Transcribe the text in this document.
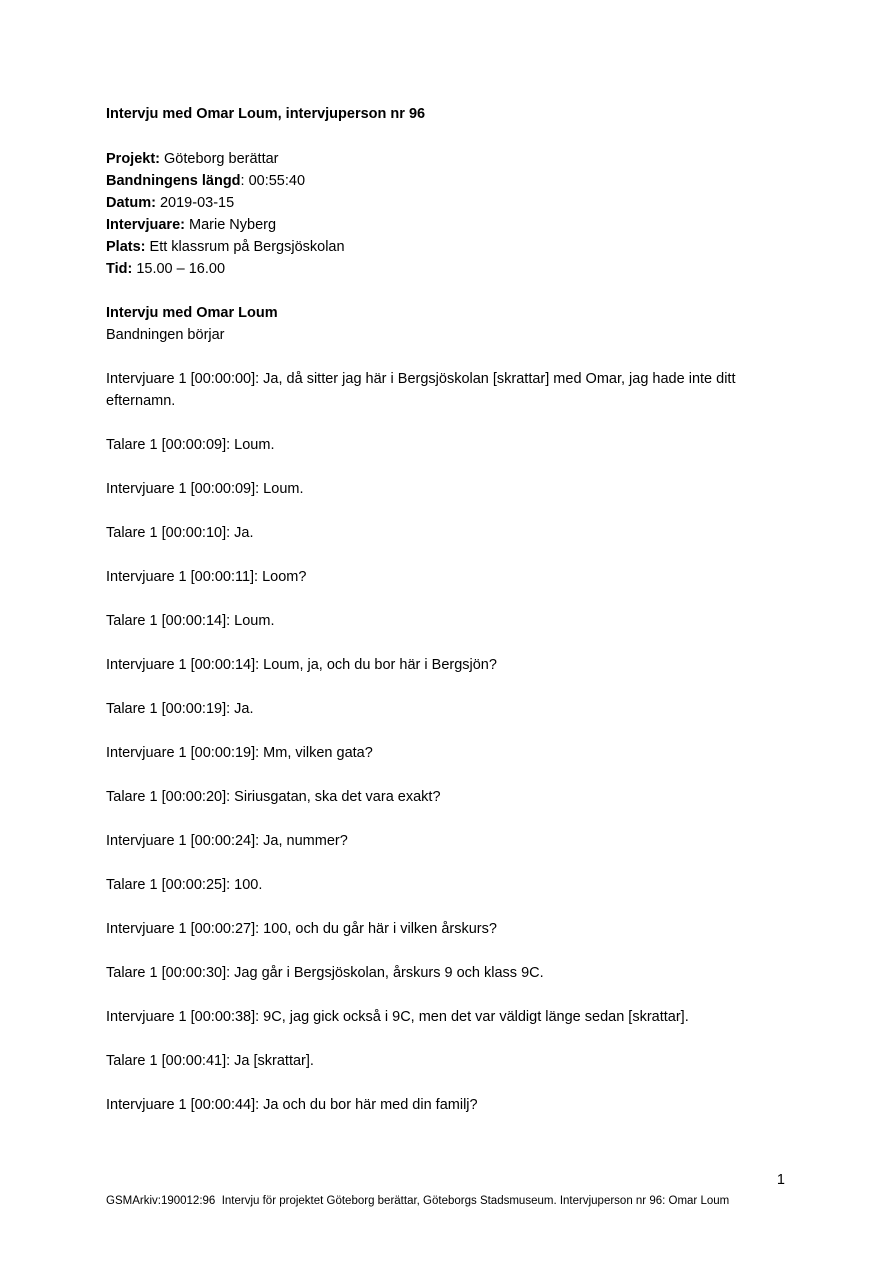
Intervju med Omar Loum, intervjuperson nr 96

Projekt: Göteborg berättar

Bandningens längd: 00:55:40

Datum: 2019-03-15

Intervjuare: Marie Nyberg

Plats: Ett klassrum på Bergsjöskolan

Tid: 15.00 – 16.00

Intervju med Omar Loum

Bandningen börjar

Intervjuare 1 [00:00:00]: Ja, då sitter jag här i Bergsjöskolan [skrattar] med Omar, jag hade inte ditt efternamn.

Talare 1 [00:00:09]: Loum.

Intervjuare 1 [00:00:09]: Loum.

Talare 1 [00:00:10]: Ja.

Intervjuare 1 [00:00:11]: Loom?

Talare 1 [00:00:14]: Loum.

Intervjuare 1 [00:00:14]: Loum, ja, och du bor här i Bergsjön?

Talare 1 [00:00:19]: Ja.

Intervjuare 1 [00:00:19]: Mm, vilken gata?

Talare 1 [00:00:20]: Siriusgatan, ska det vara exakt?

Intervjuare 1 [00:00:24]: Ja, nummer?

Talare 1 [00:00:25]: 100.

Intervjuare 1 [00:00:27]: 100, och du går här i vilken årskurs?

Talare 1 [00:00:30]: Jag går i Bergsjöskolan, årskurs 9 och klass 9C.

Intervjuare 1 [00:00:38]: 9C, jag gick också i 9C, men det var väldigt länge sedan [skrattar].

Talare 1 [00:00:41]: Ja [skrattar].

Intervjuare 1 [00:00:44]: Ja och du bor här med din familj?

1
GSMArkiv:190012:96  Intervju för projektet Göteborg berättar, Göteborgs Stadsmuseum. Intervjuperson nr 96: Omar Loum
